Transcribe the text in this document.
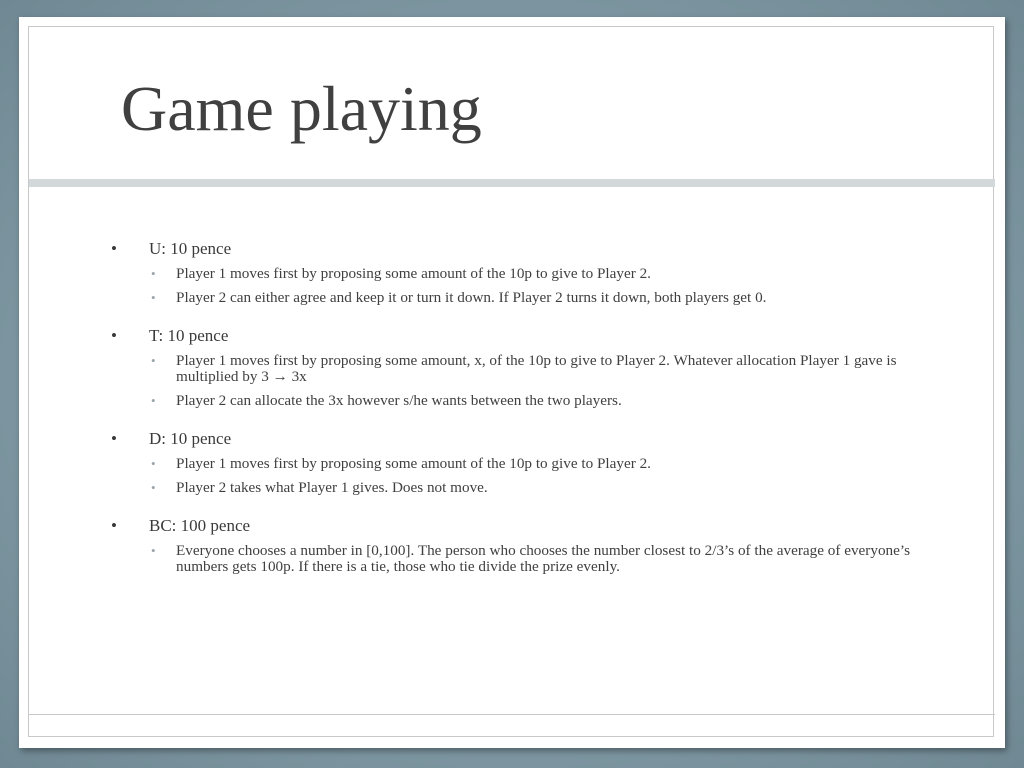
Game playing
• U: 10 pence
• Player 1 moves first by proposing some amount of the 10p to give to Player 2.
• Player 2 can either agree and keep it or turn it down. If Player 2 turns it down, both players get 0.
• T: 10 pence
• Player 1 moves first by proposing some amount, x, of the 10p to give to Player 2. Whatever allocation Player 1 gave is multiplied by 3 → 3x
• Player 2 can allocate the 3x however s/he wants between the two players.
• D: 10 pence
• Player 1 moves first by proposing some amount of the 10p to give to Player 2.
• Player 2 takes what Player 1 gives. Does not move.
• BC: 100 pence
• Everyone chooses a number in [0,100]. The person who chooses the number closest to 2/3’s of the average of everyone’s numbers gets 100p. If there is a tie, those who tie divide the prize evenly.
